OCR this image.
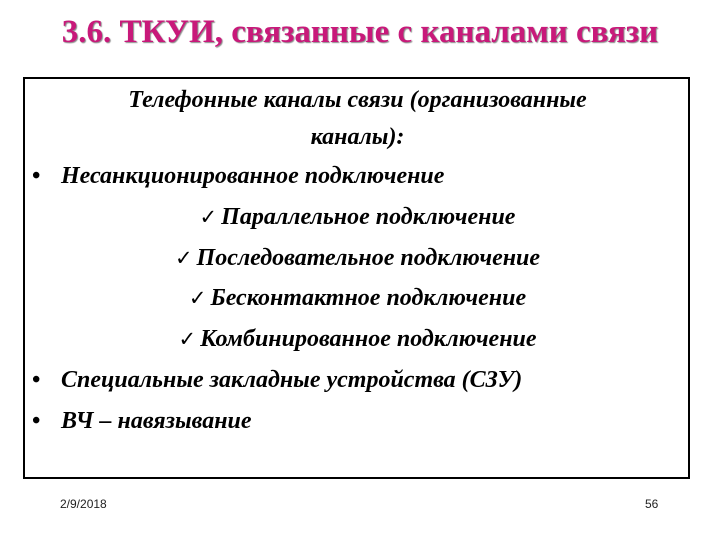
3.6. ТКУИ, связанные с каналами связи
Телефонные каналы связи (организованные
каналы):
• Несанкционированное подключение
✓ Параллельное подключение
✓ Последовательное подключение
✓ Бесконтактное подключение
✓ Комбинированное подключение
• Специальные закладные устройства (СЗУ)
• ВЧ – навязывание
2/9/2018	56
